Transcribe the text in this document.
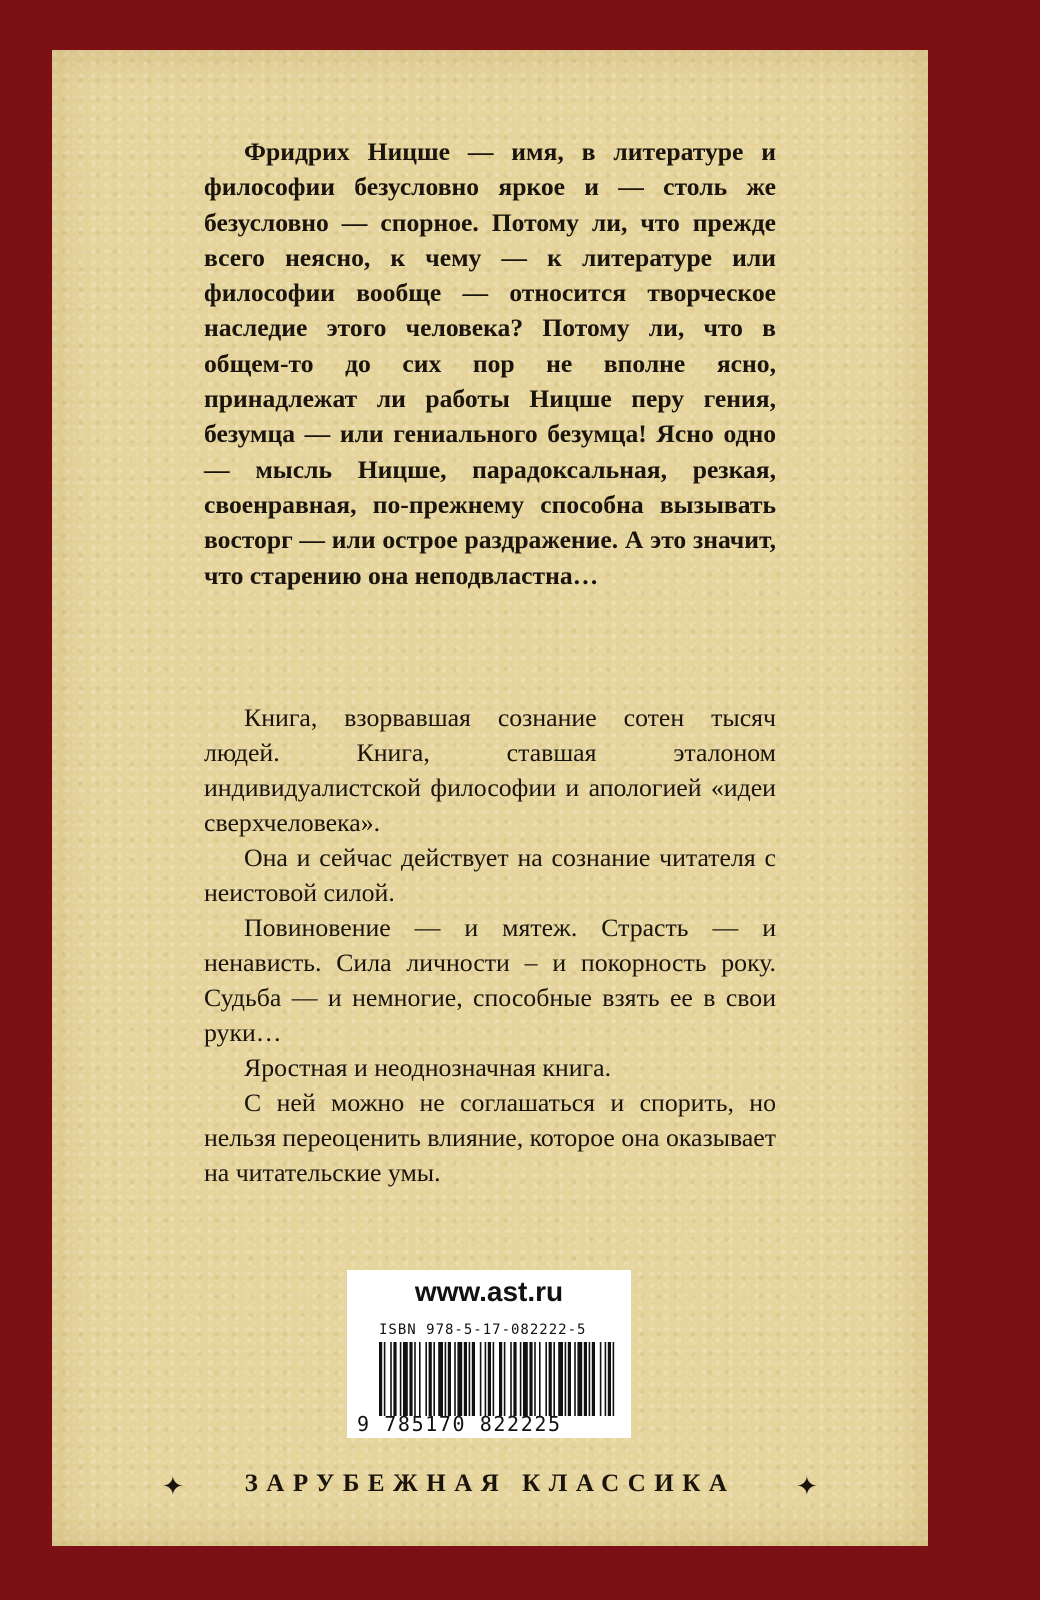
Фридрих Ницше — имя, в литературе и философии безусловно яркое и — столь же безусловно — спорное. Потому ли, что прежде всего неясно, к чему — к литературе или философии вообще — относится творческое наследие этого человека? Потому ли, что в общем-то до сих пор не вполне ясно, принадлежат ли работы Ницше перу гения, безумца — или гениального безумца! Ясно одно — мысль Ницше, парадоксальная, резкая, своенравная, по-прежнему способна вызывать восторг — или острое раздражение. А это значит, что старению она неподвластна…

Книга, взорвавшая сознание сотен тысяч людей. Книга, ставшая эталоном индивидуалистской философии и апологией «идеи сверхчеловека».

Она и сейчас действует на сознание читателя с неистовой силой.

Повиновение — и мятеж. Страсть — и ненависть. Сила личности – и покорность року. Судьба — и немногие, способные взять ее в свои руки…

Яростная и неоднозначная книга.

С ней можно не соглашаться и спорить, но нельзя переоценить влияние, которое она оказывает на читательские умы.

www.ast.ru
ISBN 978-5-17-082222-5
9 785170 822225
✦	ЗАРУБЕЖНАЯ КЛАССИКА	✦
